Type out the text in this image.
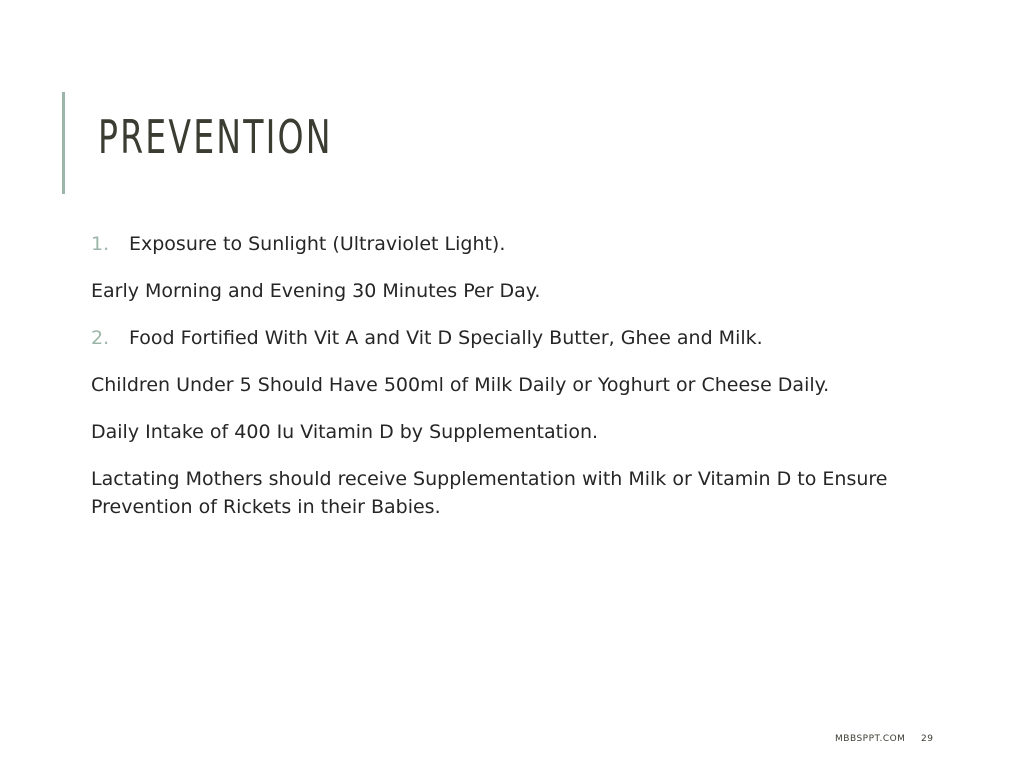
PREVENTION
1.	Exposure to Sunlight (Ultraviolet Light).
Early Morning and Evening 30 Minutes Per Day.
2.	Food Fortified With Vit A and Vit D Specially Butter, Ghee and Milk.
Children Under 5 Should Have 500ml of Milk Daily or Yoghurt or Cheese Daily.
Daily Intake of 400 Iu Vitamin D by Supplementation.
Lactating Mothers should receive Supplementation with Milk or Vitamin D to Ensure Prevention of Rickets in their Babies.
MBBSPPT.COM 29
